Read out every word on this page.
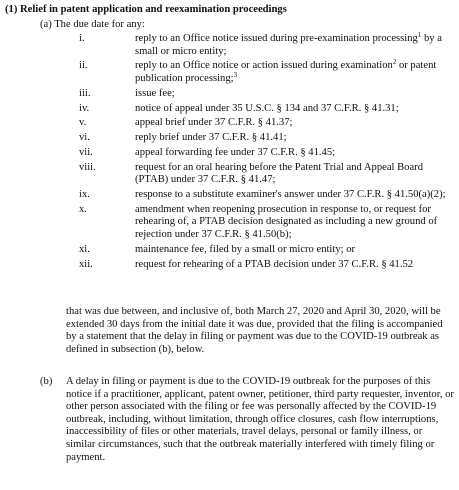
(1) Relief in patent application and reexamination proceedings
(a) The due date for any:
i.	reply to an Office notice issued during pre-examination processing$^1$ by a small or micro entity;
ii.	reply to an Office notice or action issued during examination$^2$ or patent publication processing;$^3$
iii.	issue fee;
iv.	notice of appeal under 35 U.S.C. § 134 and 37 C.F.R. § 41.31;
v.	appeal brief under 37 C.F.R. § 41.37;
vi.	reply brief under 37 C.F.R. § 41.41;
vii.	appeal forwarding fee under 37 C.F.R. § 41.45;
viii.	request for an oral hearing before the Patent Trial and Appeal Board (PTAB) under 37 C.F.R. § 41.47;
ix.	response to a substitute examiner's answer under 37 C.F.R. § 41.50(a)(2);
x.	amendment when reopening prosecution in response to, or request for rehearing of, a PTAB decision designated as including a new ground of rejection under 37 C.F.R. § 41.50(b);
xi.	maintenance fee, filed by a small or micro entity; or
xii.	request for rehearing of a PTAB decision under 37 C.F.R. § 41.52
that was due between, and inclusive of, both March 27, 2020 and April 30, 2020, will be extended 30 days from the initial date it was due, provided that the filing is accompanied by a statement that the delay in filing or payment was due to the COVID-19 outbreak as defined in subsection (b), below.
(b) A delay in filing or payment is due to the COVID-19 outbreak for the purposes of this notice if a practitioner, applicant, patent owner, petitioner, third party requester, inventor, or other person associated with the filing or fee was personally affected by the COVID-19 outbreak, including, without limitation, through office closures, cash flow interruptions, inaccessibility of files or other materials, travel delays, personal or family illness, or similar circumstances, such that the outbreak materially interfered with timely filing or payment.
